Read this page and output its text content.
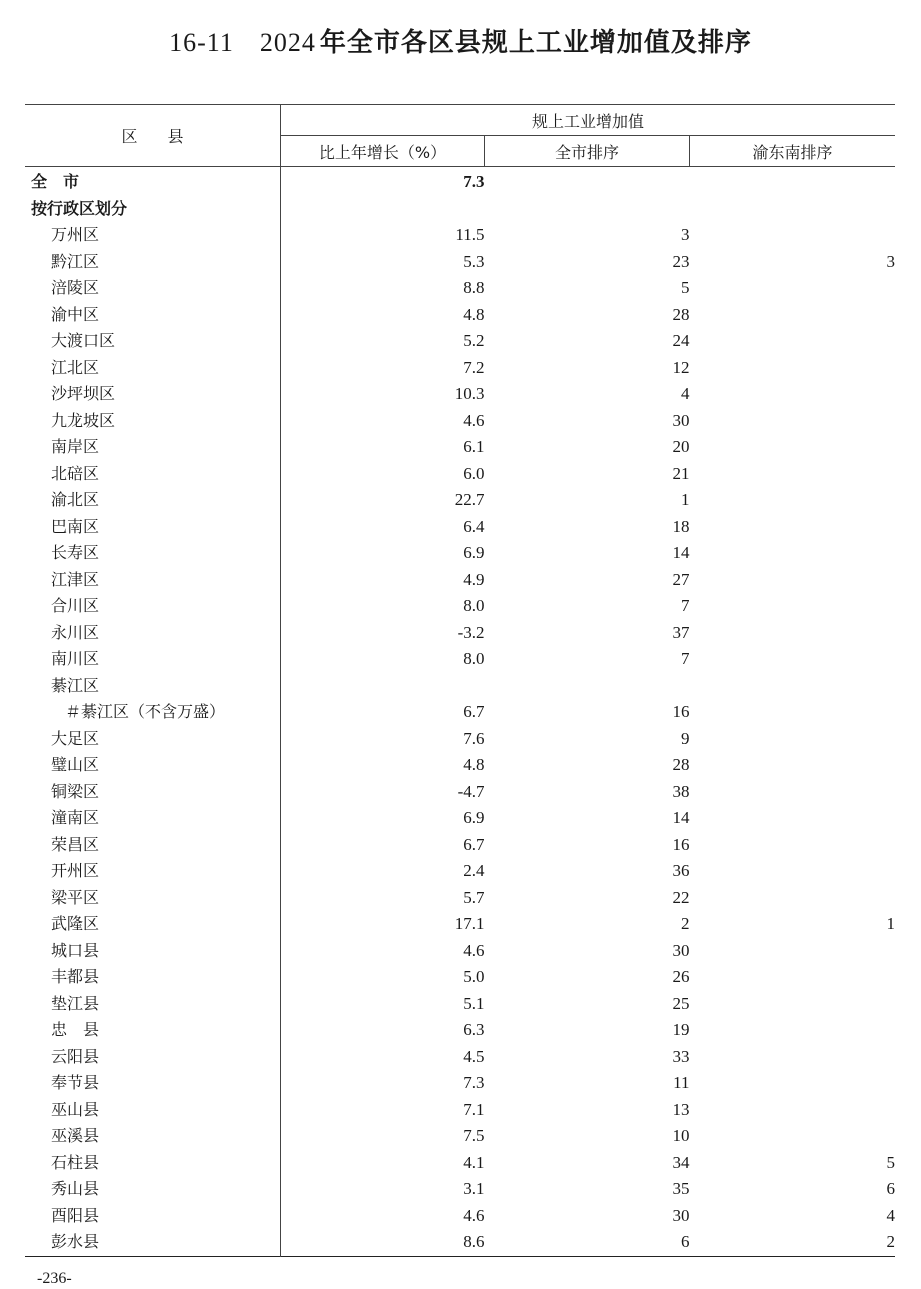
16-11 2024 年全市各区县规上工业增加值及排序
区县	规上工业增加值		
	比上年增长（%）	全市排序	渝东南排序
全　市	7.3		
按行政区划分			
万州区	11.5	3	
黔江区	5.3	23	3
涪陵区	8.8	5	
渝中区	4.8	28	
大渡口区	5.2	24	
江北区	7.2	12	
沙坪坝区	10.3	4	
九龙坡区	4.6	30	
南岸区	6.1	20	
北碚区	6.0	21	
渝北区	22.7	1	
巴南区	6.4	18	
长寿区	6.9	14	
江津区	4.9	27	
合川区	8.0	7	
永川区	-3.2	37	
南川区	8.0	7	
綦江区			
＃綦江区（不含万盛）	6.7	16	
大足区	7.6	9	
璧山区	4.8	28	
铜梁区	-4.7	38	
潼南区	6.9	14	
荣昌区	6.7	16	
开州区	2.4	36	
梁平区	5.7	22	
武隆区	17.1	2	1
城口县	4.6	30	
丰都县	5.0	26	
垫江县	5.1	25	
忠　县	6.3	19	
云阳县	4.5	33	
奉节县	7.3	11	
巫山县	7.1	13	
巫溪县	7.5	10	
石柱县	4.1	34	5
秀山县	3.1	35	6
酉阳县	4.6	30	4
彭水县	8.6	6	2
-236-
